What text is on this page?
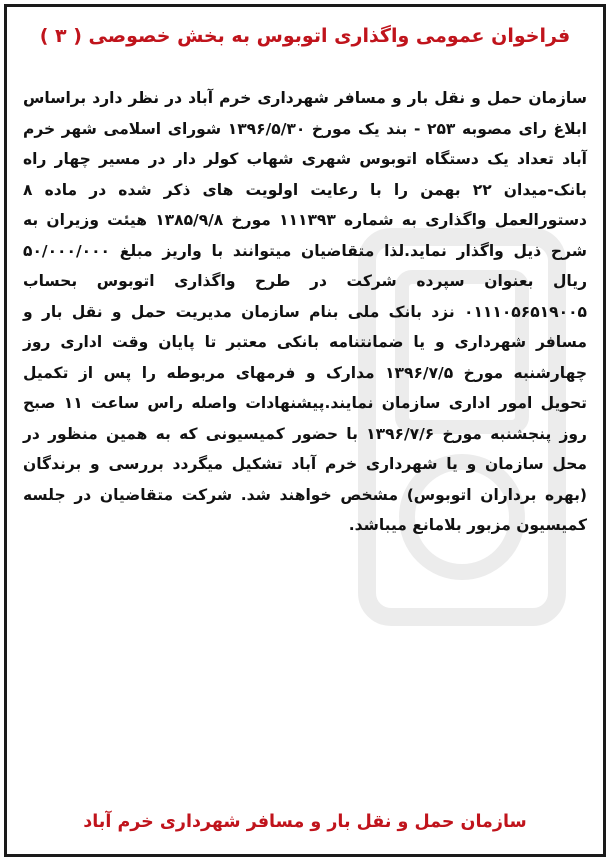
فراخوان عمومی واگذاری اتوبوس به بخش خصوصی ( ۳ )

سازمان حمل و نقل بار و مسافر شهرداری خرم آباد در نظر دارد براساس ابلاغ رای مصوبه ۲۵۳ - بند یک مورخ ۱۳۹۶/۵/۳۰ شورای اسلامی شهر خرم آباد تعداد یک دستگاه اتوبوس شهری شهاب کولر دار در مسیر چهار راه بانک-میدان ۲۲ بهمن را با رعایت اولویت های ذکر شده در ماده ۸ دستورالعمل واگذاری به شماره ۱۱۱۳۹۳ مورخ ۱۳۸۵/۹/۸ هیئت وزیران به شرح ذیل واگذار نماید.لذا متقاضیان میتوانند با واریز مبلغ ۵۰/۰۰۰/۰۰۰ ریال بعنوان سپرده شرکت در طرح واگذاری اتوبوس بحساب ۰۱۱۱۰۵۶۵۱۹۰۰۵ نزد بانک ملی بنام سازمان مدیریت حمل و نقل بار و مسافر شهرداری و یا ضمانتنامه بانکی معتبر تا پایان وقت اداری روز چهارشنبه مورخ ۱۳۹۶/۷/۵ مدارک و فرمهای مربوطه را پس از تکمیل تحویل امور اداری سازمان نمایند.پیشنهادات واصله راس ساعت ۱۱ صبح روز پنجشنبه مورخ ۱۳۹۶/۷/۶ با حضور کمیسیونی که به همین منظور در محل سازمان و یا شهرداری خرم آباد تشکیل میگردد بررسی و برندگان (بهره برداران اتوبوس) مشخص خواهند شد. شرکت متقاضیان در جلسه کمیسیون مزبور بلامانع میباشد.

سازمان حمل و نقل بار و مسافر شهرداری خرم آباد
